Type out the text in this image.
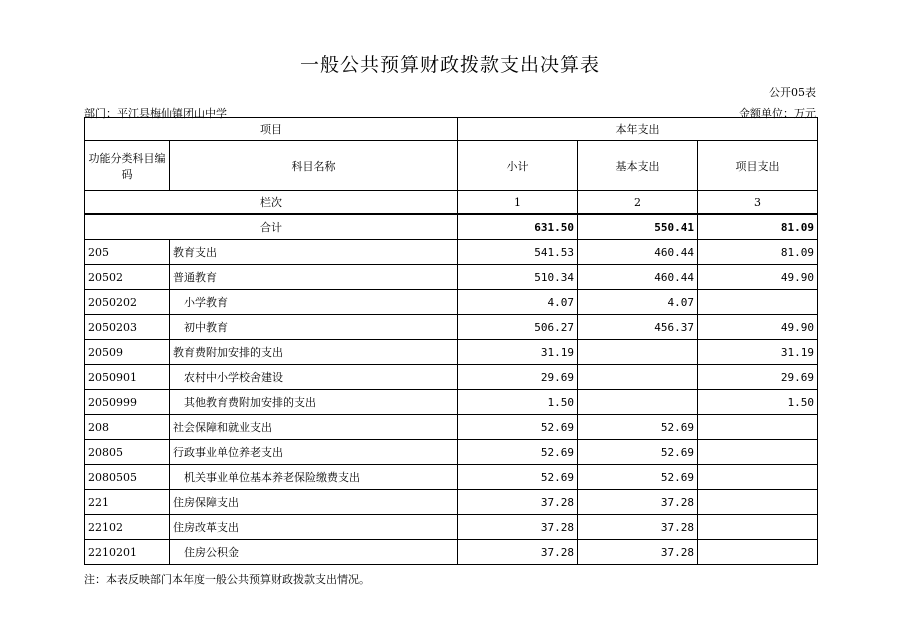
一般公共预算财政拨款支出决算表
公开05表
部门：平江县梅仙镇团山中学	金额单位：万元
项目		本年支出		
功能分类科目编码	科目名称	小计	基本支出	项目支出
栏次		1	2	3
合计		631.50	550.41	81.09
205	教育支出	541.53	460.44	81.09
20502	普通教育	510.34	460.44	49.90
2050202	小学教育	4.07	4.07	
2050203	初中教育	506.27	456.37	49.90
20509	教育费附加安排的支出	31.19		31.19
2050901	农村中小学校舍建设	29.69		29.69
2050999	其他教育费附加安排的支出	1.50		1.50
208	社会保障和就业支出	52.69	52.69	
20805	行政事业单位养老支出	52.69	52.69	
2080505	机关事业单位基本养老保险缴费支出	52.69	52.69	
221	住房保障支出	37.28	37.28	
22102	住房改革支出	37.28	37.28	
2210201	住房公积金	37.28	37.28	
注：本表反映部门本年度一般公共预算财政拨款支出情况。
